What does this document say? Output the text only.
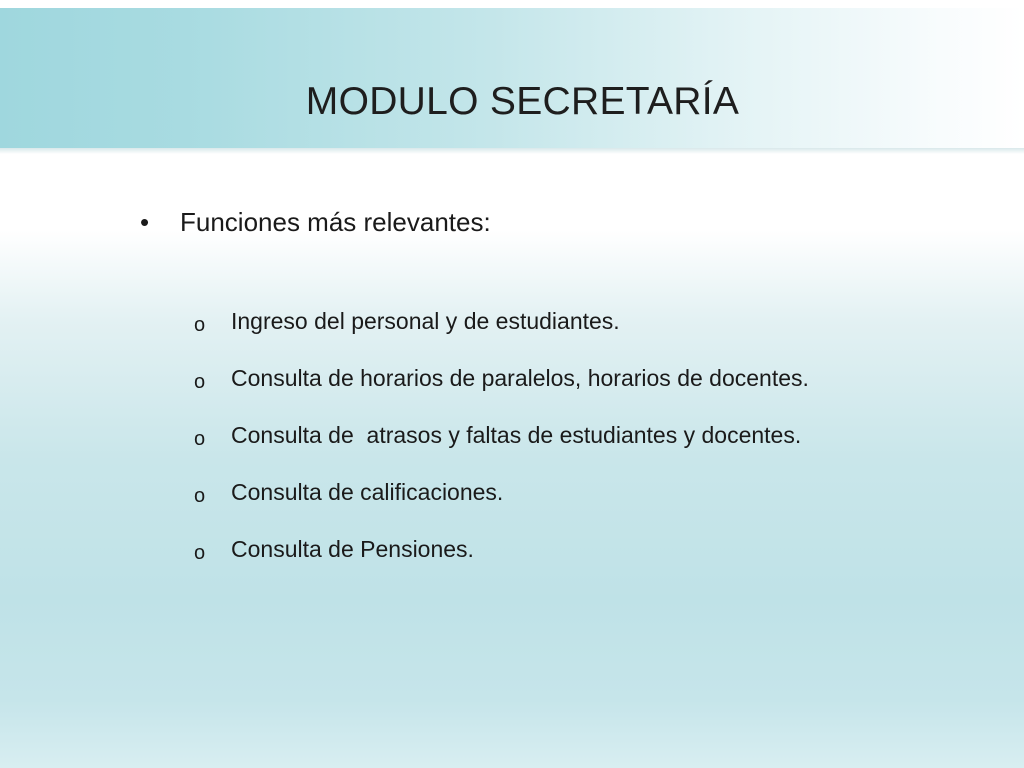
MODULO SECRETARÍA
• Funciones más relevantes:
o Ingreso del personal y de estudiantes.
o Consulta de horarios de paralelos, horarios de docentes.
o Consulta de  atrasos y faltas de estudiantes y docentes.
o Consulta de calificaciones.
o Consulta de Pensiones.
